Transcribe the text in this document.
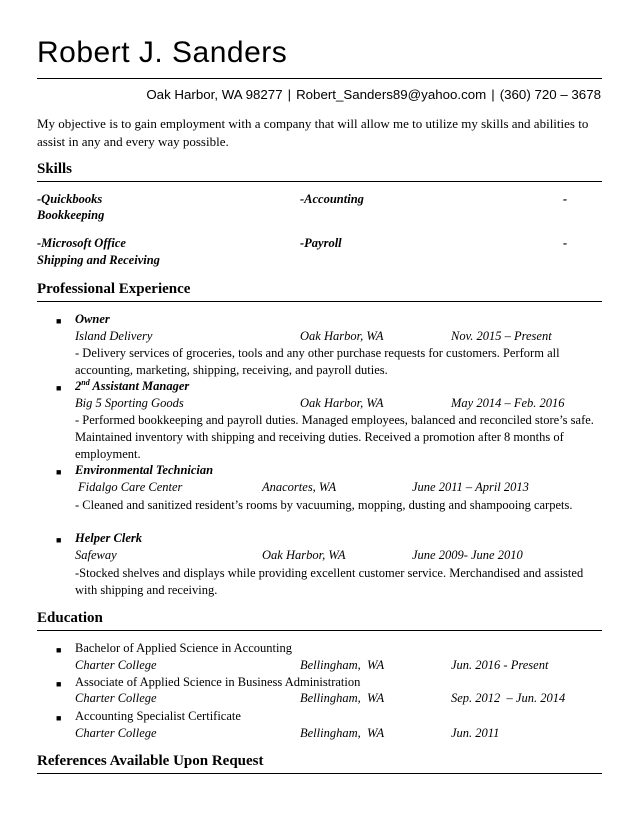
Robert J. Sanders
Oak Harbor, WA 98277 | Robert_Sanders89@yahoo.com | (360) 720 – 3678
My objective is to gain employment with a company that will allow me to utilize my skills and abilities to assist in any and every way possible.
Skills
-Quickbooks	-Accounting	-
Bookkeeping
-Microsoft Office	-Payroll	-
Shipping and Receiving
Professional Experience
■ Owner
Island Delivery	Oak Harbor, WA	Nov. 2015 – Present
- Delivery services of groceries, tools and any other purchase requests for customers. Perform all accounting, marketing, shipping, receiving, and payroll duties.
■ 2nd Assistant Manager
Big 5 Sporting Goods	Oak Harbor, WA	May 2014 – Feb. 2016
- Performed bookkeeping and payroll duties. Managed employees, balanced and reconciled store’s safe. Maintained inventory with shipping and receiving duties. Received a promotion after 8 months of employment.
■ Environmental Technician
Fidalgo Care Center	Anacortes, WA	June 2011 – April 2013
- Cleaned and sanitized resident’s rooms by vacuuming, mopping, dusting and shampooing carpets.
■ Helper Clerk
Safeway	Oak Harbor, WA	June 2009- June 2010
-Stocked shelves and displays while providing excellent customer service. Merchandised and assisted with shipping and receiving.
Education
■ Bachelor of Applied Science in Accounting
Charter College	Bellingham,  WA	Jun. 2016 - Present
■ Associate of Applied Science in Business Administration
Charter College	Bellingham,  WA	Sep. 2012  – Jun. 2014
■ Accounting Specialist Certificate
Charter College	Bellingham,  WA	Jun. 2011
References Available Upon Request
